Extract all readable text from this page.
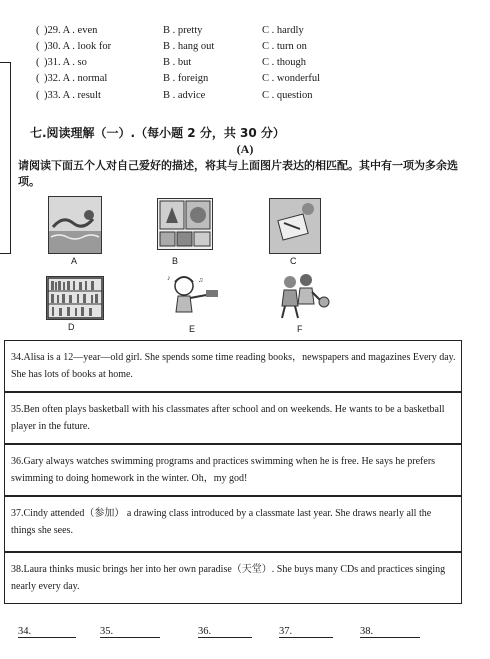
( )29. A . even	B . pretty	C . hardly
( )30. A . look for	B . hang out	C . turn on
( )31. A . so	B . but	C . though
( )32. A . normal	B . foreign	C . wonderful
( )33. A . result	B . advice	C . question
七.阅读理解（一）.（每小题 2 分，共 30 分）
(A)
请阅读下面五个人对自己爱好的描述，将其与上面图片表达的相匹配。其中有一项为多余选项。
A	B	C
D
♪	♫
E	F
34.Alisa is a 12—year—old girl. She spends some time reading books，newspapers and magazines Every day. She has lots of books at home.
35.Ben often plays basketball with his classmates after school and on weekends. He wants to be a basketball player in the future.
36.Gary always watches swimming programs and practices swimming when he is free. He says he prefers swimming to doing homework in the winter. Oh，my god!
37.Cindy attended（参加） a drawing class introduced by a classmate last year. She draws nearly all the things she sees.
38.Laura thinks music brings her into her own paradise（天堂）. She buys many CDs and practices singing nearly every day.
34.	35.	36.	37.	38.
